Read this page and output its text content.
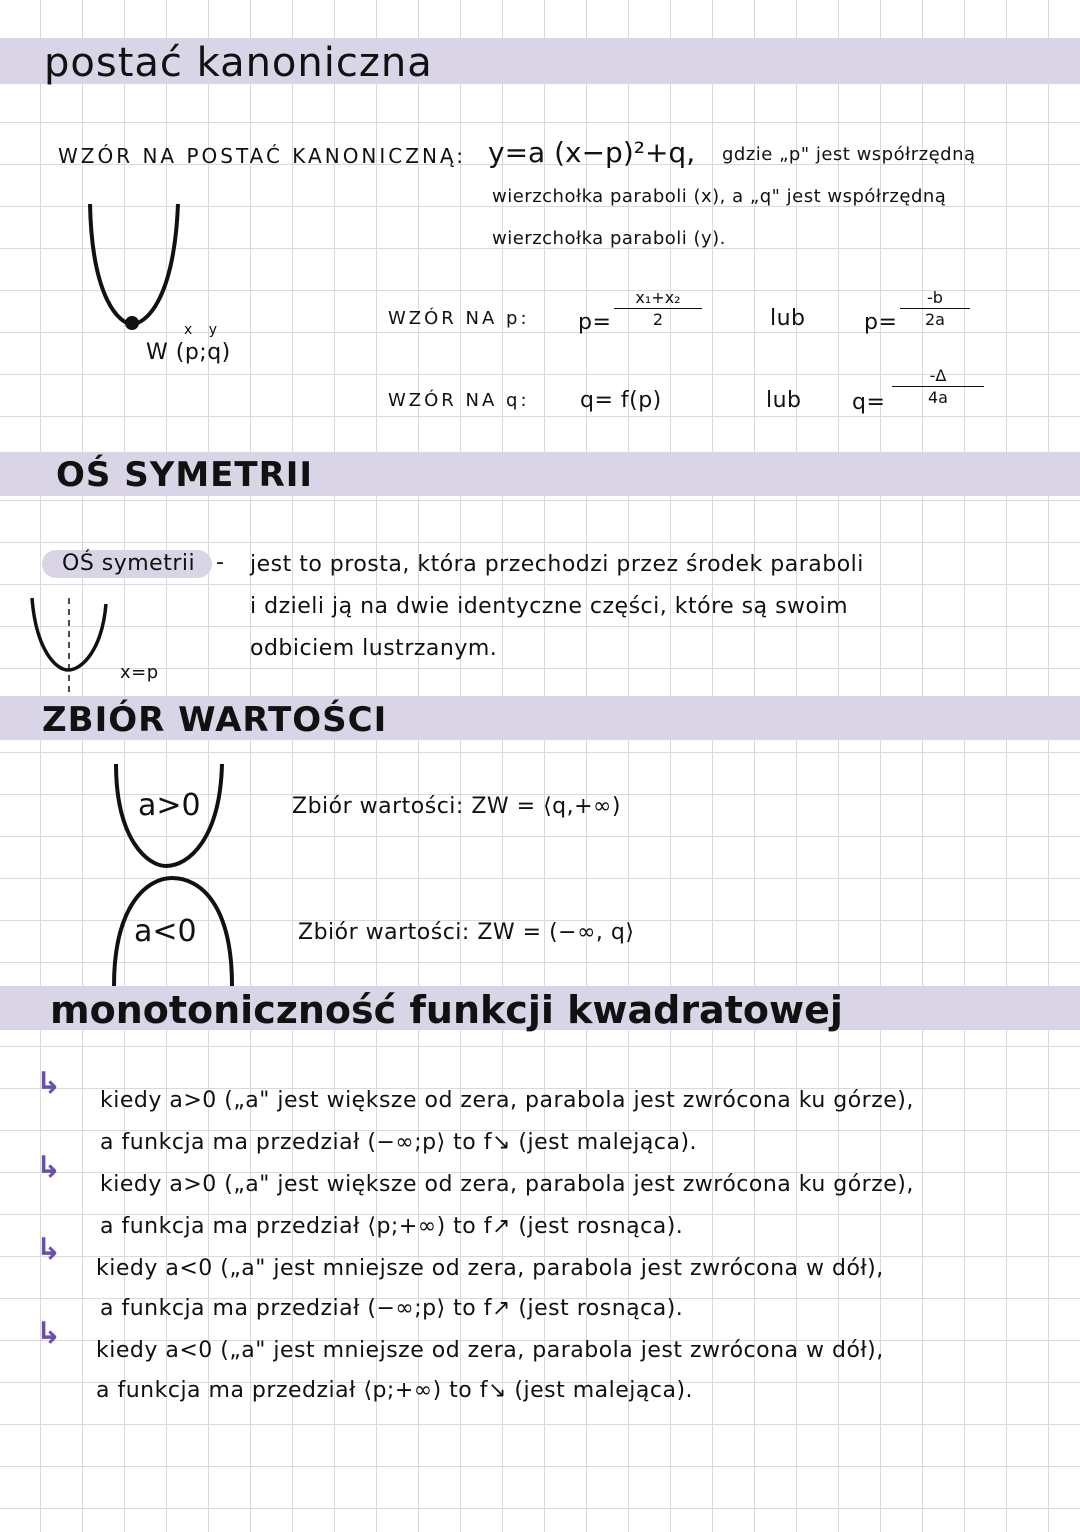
postać kanoniczna
WZÓR NA POSTAĆ KANONICZNĄ: y=a (x−p)²+q, gdzie „p" jest współrzędną
wierzchołka paraboli (x), a „q" jest współrzędną
wierzchołka paraboli (y).
x y
W (p;q)
WZÓR NA p: $p= \frac{\text{x₁+x₂}}{2}$	lub	$p= \frac{-b}{2a}$
WZÓR NA q: q= f(p)	lub $q= \frac{-\Delta}{4a}$
OŚ SYMETRII
OŚ symetrii - jest to prosta, która przechodzi przez środek paraboli
i dzieli ją na dwie identyczne części, które są swoim
odbiciem lustrzanym.
x=p
ZBIÓR WARTOŚCI
a>0	Zbiór wartości: ZW = ⟨q,+∞)
a<0	Zbiór wartości: ZW = (−∞, q⟩
monotoniczność funkcji kwadratowej
↳ kiedy a>0 („a" jest większe od zera, parabola jest zwrócona ku górze),
a funkcja ma przedział (−∞;p⟩ to f↘ (jest malejąca).
↳ kiedy a>0 („a" jest większe od zera, parabola jest zwrócona ku górze),
a funkcja ma przedział ⟨p;+∞) to f↗ (jest rosnąca).
↳
kiedy a<0 („a" jest mniejsze od zera, parabola jest zwrócona w dół),
a funkcja ma przedział (−∞;p⟩ to f↗ (jest rosnąca).
↳ kiedy a<0 („a" jest mniejsze od zera, parabola jest zwrócona w dół),
a funkcja ma przedział ⟨p;+∞) to f↘ (jest malejąca).
